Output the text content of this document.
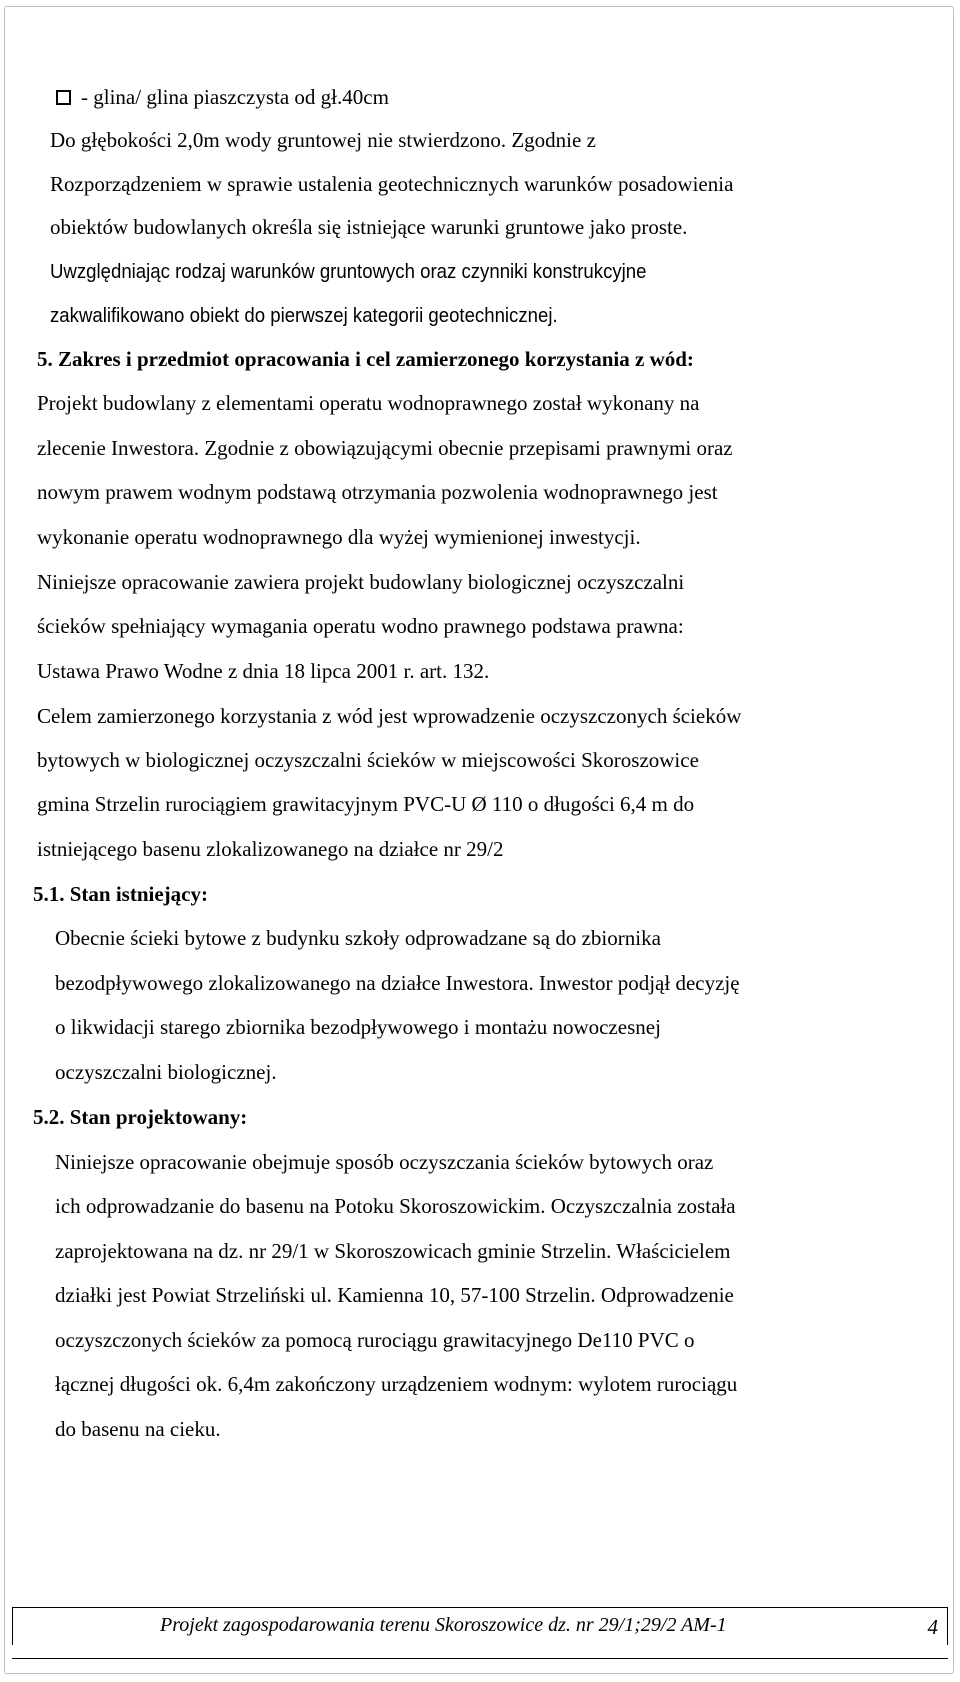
- glina/ glina piaszczysta od gł.40cm
Do głębokości 2,0m wody gruntowej nie stwierdzono. Zgodnie z
Rozporządzeniem w sprawie ustalenia geotechnicznych warunków posadowienia
obiektów budowlanych określa się istniejące warunki gruntowe jako proste.
Uwzględniając rodzaj warunków gruntowych oraz czynniki konstrukcyjne
zakwalifikowano obiekt do pierwszej kategorii geotechnicznej.
5. Zakres i przedmiot opracowania i cel zamierzonego korzystania z wód:
Projekt budowlany z elementami operatu wodnoprawnego został wykonany na
zlecenie Inwestora. Zgodnie z obowiązującymi obecnie przepisami prawnymi oraz
nowym prawem wodnym podstawą otrzymania pozwolenia wodnoprawnego jest
wykonanie operatu wodnoprawnego dla wyżej wymienionej inwestycji.
Niniejsze opracowanie zawiera projekt budowlany biologicznej oczyszczalni
ścieków spełniający wymagania operatu wodno prawnego podstawa prawna:
Ustawa Prawo Wodne z dnia 18 lipca 2001 r. art. 132.
Celem zamierzonego korzystania z wód jest wprowadzenie oczyszczonych ścieków
bytowych w biologicznej oczyszczalni ścieków w miejscowości Skoroszowice
gmina Strzelin rurociągiem grawitacyjnym PVC-U Ø 110 o długości 6,4 m do
istniejącego basenu zlokalizowanego na działce nr 29/2
5.1. Stan istniejący:
Obecnie ścieki bytowe z budynku szkoły odprowadzane są do zbiornika
bezodpływowego zlokalizowanego na działce Inwestora. Inwestor podjął decyzję
o likwidacji starego zbiornika bezodpływowego i montażu nowoczesnej
oczyszczalni biologicznej.
5.2. Stan projektowany:
Niniejsze opracowanie obejmuje sposób oczyszczania ścieków bytowych oraz
ich odprowadzanie do basenu na Potoku Skoroszowickim. Oczyszczalnia została
zaprojektowana na dz. nr 29/1 w Skoroszowicach gminie Strzelin. Właścicielem
działki jest Powiat Strzeliński ul. Kamienna 10, 57-100 Strzelin. Odprowadzenie
oczyszczonych ścieków za pomocą rurociągu grawitacyjnego De110 PVC o
łącznej długości ok. 6,4m zakończony urządzeniem wodnym: wylotem rurociągu
do basenu na cieku.
Projekt zagospodarowania terenu Skoroszowice dz. nr 29/1;29/2 AM-1	4
